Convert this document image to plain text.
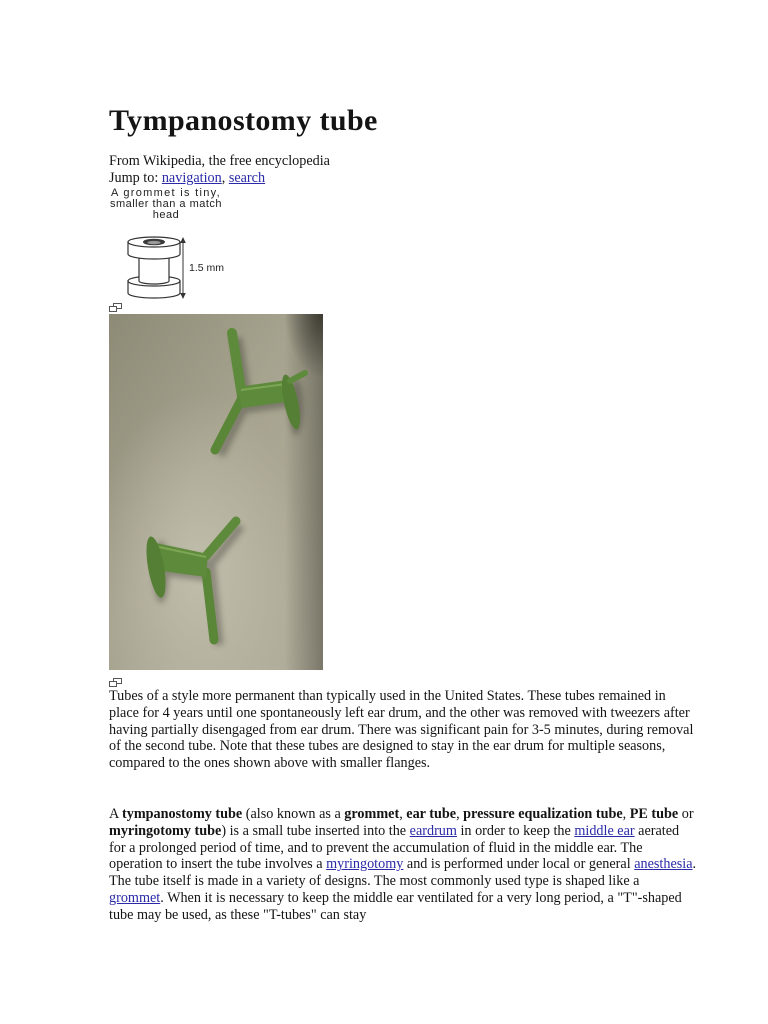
Tympanostomy tube
From Wikipedia, the free encyclopedia
Jump to: navigation, search
A grommet is tiny,
smaller than a match
head
1.5 mm

Tubes of a style more permanent than typically used in the United States. These tubes remained in place for 4 years until one spontaneously left ear drum, and the other was removed with tweezers after having partially disengaged from ear drum. There was significant pain for 3-5 minutes, during removal of the second tube. Note that these tubes are designed to stay in the ear drum for multiple seasons, compared to the ones shown above with smaller flanges.

A tympanostomy tube (also known as a grommet, ear tube, pressure equalization tube, PE tube or myringotomy tube) is a small tube inserted into the eardrum in order to keep the middle ear aerated for a prolonged period of time, and to prevent the accumulation of fluid in the middle ear. The operation to insert the tube involves a myringotomy and is performed under local or general anesthesia. The tube itself is made in a variety of designs. The most commonly used type is shaped like a grommet. When it is necessary to keep the middle ear ventilated for a very long period, a "T"-shaped tube may be used, as these "T-tubes" can stay
